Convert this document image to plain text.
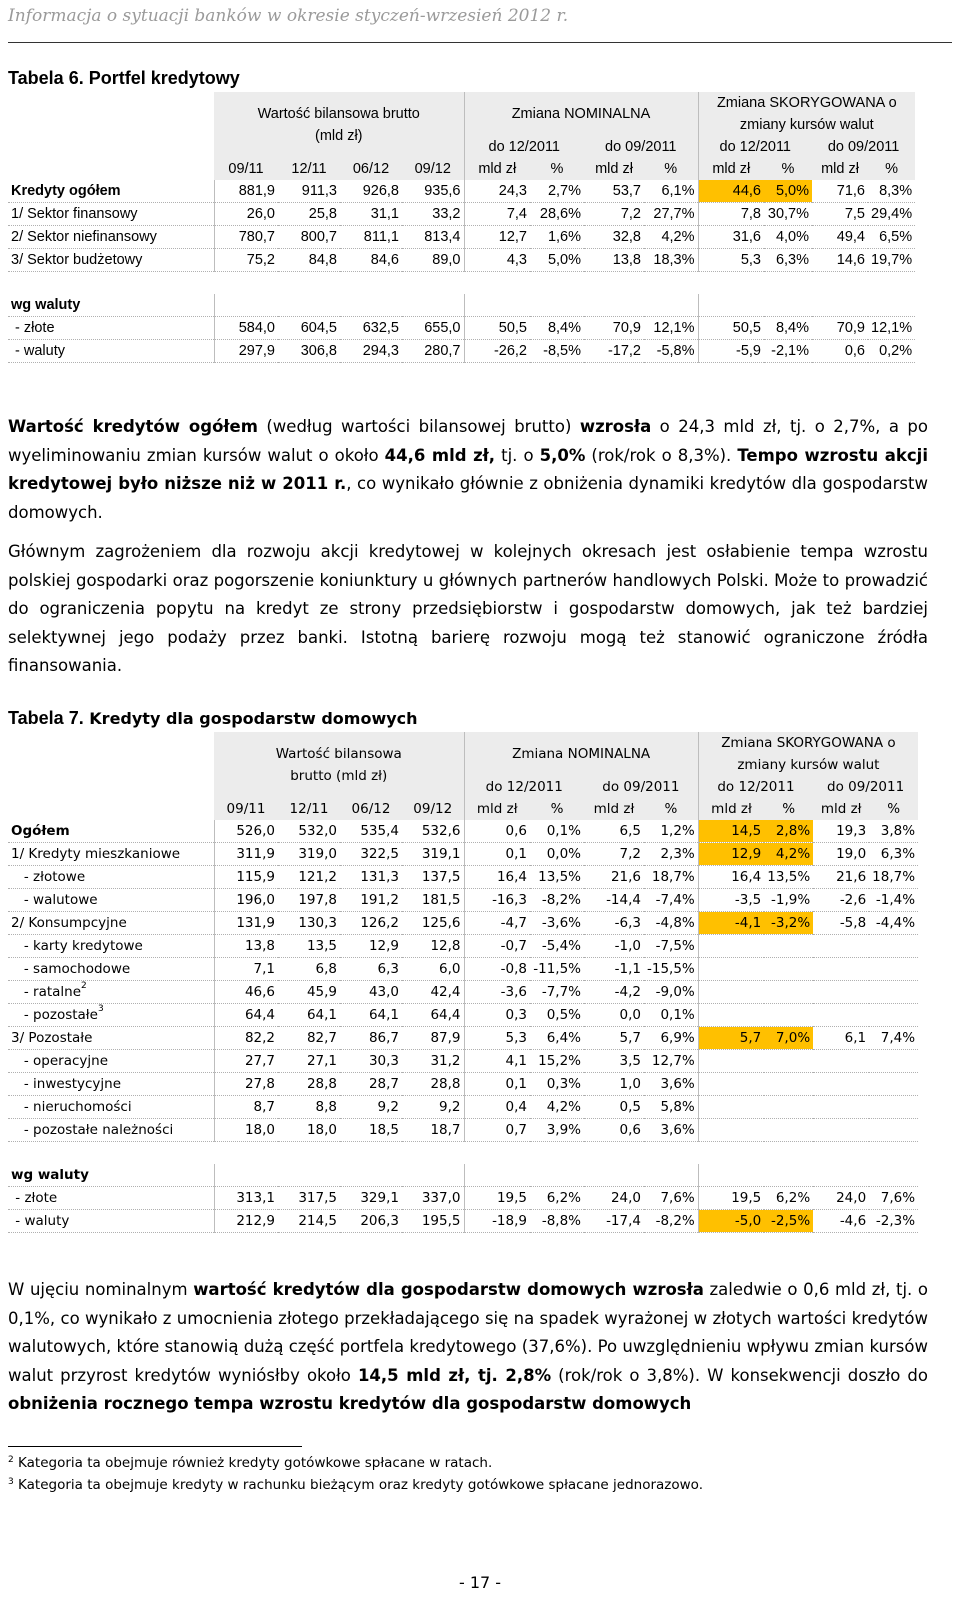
Informacja o sytuacji banków w okresie styczeń-wrzesień 2012 r.
Tabela 6. Portfel kredytowy
	Wartość bilansowa brutto (mld zł)				Zmiana NOMINALNA				Zmiana SKORYGOWANA o zmiany kursów walut			
					do 12/2011		do 09/2011		do 12/2011		do 09/2011	
	09/11	12/11	06/12	09/12	mld zł	%	mld zł	%	mld zł	%	mld zł	%
Kredyty ogółem	881,9	911,3	926,8	935,6	24,3	2,7%	53,7	6,1%	44,6	5,0%	71,6	8,3%
1/ Sektor finansowy	26,0	25,8	31,1	33,2	7,4	28,6%	7,2	27,7%	7,8	30,7%	7,5	29,4%
2/ Sektor niefinansowy	780,7	800,7	811,1	813,4	12,7	1,6%	32,8	4,2%	31,6	4,0%	49,4	6,5%
3/ Sektor budżetowy	75,2	84,8	84,6	89,0	4,3	5,0%	13,8	18,3%	5,3	6,3%	14,6	19,7%

wg waluty												
- złote	584,0	604,5	632,5	655,0	50,5	8,4%	70,9	12,1%	50,5	8,4%	70,9	12,1%
- waluty	297,9	306,8	294,3	280,7	-26,2	-8,5%	-17,2	-5,8%	-5,9	-2,1%	0,6	0,2%
Wartość kredytów ogółem (według wartości bilansowej brutto) wzrosła o 24,3 mld zł, tj. o 2,7%, a po wyeliminowaniu zmian kursów walut o około 44,6 mld zł, tj. o 5,0% (rok/rok o 8,3%). Tempo wzrostu akcji kredytowej było niższe niż w 2011 r., co wynikało głównie z obniżenia dynamiki kredytów dla gospodarstw domowych.
Głównym zagrożeniem dla rozwoju akcji kredytowej w kolejnych okresach jest osłabienie tempa wzrostu polskiej gospodarki oraz pogorszenie koniunktury u głównych partnerów handlowych Polski. Może to prowadzić do ograniczenia popytu na kredyt ze strony przedsiębiorstw i gospodarstw domowych, jak też bardziej selektywnej jego podaży przez banki. Istotną barierę rozwoju mogą też stanowić ograniczone źródła finansowania.
Tabela 7. Kredyty dla gospodarstw domowych
	Wartość bilansowa brutto (mld zł)				Zmiana NOMINALNA				Zmiana SKORYGOWANA o zmiany kursów walut			
					do 12/2011		do 09/2011		do 12/2011		do 09/2011	
	09/11	12/11	06/12	09/12	mld zł	%	mld zł	%	mld zł	%	mld zł	%
Ogółem	526,0	532,0	535,4	532,6	0,6	0,1%	6,5	1,2%	14,5	2,8%	19,3	3,8%
1/ Kredyty mieszkaniowe	311,9	319,0	322,5	319,1	0,1	0,0%	7,2	2,3%	12,9	4,2%	19,0	6,3%
- złotowe	115,9	121,2	131,3	137,5	16,4	13,5%	21,6	18,7%	16,4	13,5%	21,6	18,7%
- walutowe	196,0	197,8	191,2	181,5	-16,3	-8,2%	-14,4	-7,4%	-3,5	-1,9%	-2,6	-1,4%
2/ Konsumpcyjne	131,9	130,3	126,2	125,6	-4,7	-3,6%	-6,3	-4,8%	-4,1	-3,2%	-5,8	-4,4%
- karty kredytowe	13,8	13,5	12,9	12,8	-0,7	-5,4%	-1,0	-7,5%				
- samochodowe	7,1	6,8	6,3	6,0	-0,8	-11,5%	-1,1	-15,5%				
- ratalne$^2$	46,6	45,9	43,0	42,4	-3,6	-7,7%	-4,2	-9,0%				
- pozostałe$^3$	64,4	64,1	64,1	64,4	0,3	0,5%	0,0	0,1%				
3/ Pozostałe	82,2	82,7	86,7	87,9	5,3	6,4%	5,7	6,9%	5,7	7,0%	6,1	7,4%
- operacyjne	27,7	27,1	30,3	31,2	4,1	15,2%	3,5	12,7%				
- inwestycyjne	27,8	28,8	28,7	28,8	0,1	0,3%	1,0	3,6%				
- nieruchomości	8,7	8,8	9,2	9,2	0,4	4,2%	0,5	5,8%				
- pozostałe należności	18,0	18,0	18,5	18,7	0,7	3,9%	0,6	3,6%				

wg waluty												
- złote	313,1	317,5	329,1	337,0	19,5	6,2%	24,0	7,6%	19,5	6,2%	24,0	7,6%
- waluty	212,9	214,5	206,3	195,5	-18,9	-8,8%	-17,4	-8,2%	-5,0	-2,5%	-4,6	-2,3%
W ujęciu nominalnym wartość kredytów dla gospodarstw domowych wzrosła zaledwie o 0,6 mld zł, tj. o 0,1%, co wynikało z umocnienia złotego przekładającego się na spadek wyrażonej w złotych wartości kredytów walutowych, które stanowią dużą część portfela kredytowego (37,6%). Po uwzględnieniu wpływu zmian kursów walut przyrost kredytów wyniósłby około 14,5 mld zł, tj. 2,8% (rok/rok o 3,8%). W konsekwencji doszło do obniżenia rocznego tempa wzrostu kredytów dla gospodarstw domowych
$^2$ Kategoria ta obejmuje również kredyty gotówkowe spłacane w ratach.
$^3$ Kategoria ta obejmuje kredyty w rachunku bieżącym oraz kredyty gotówkowe spłacane jednorazowo.
- 17 -
